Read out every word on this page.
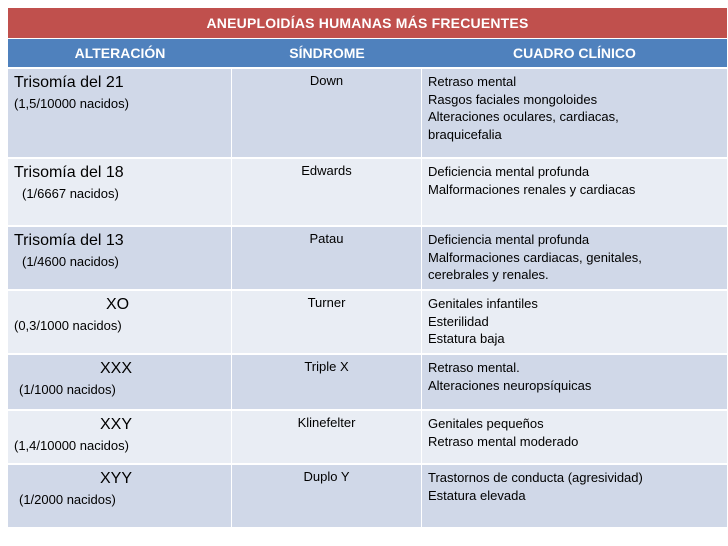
ANEUPLOIDÍAS HUMANAS MÁS FRECUENTES
ALTERACIÓN	SÍNDROME	CUADRO CLÍNICO
Trisomía del 21
(1,5/10000 nacidos)
Down	Retraso mental
Rasgos faciales mongoloides
Alteraciones oculares, cardiacas,
braquicefalia
Trisomía del 18
(1/6667 nacidos)
Edwards	Deficiencia mental profunda
Malformaciones renales y cardiacas
Trisomía del 13
(1/4600 nacidos)
Patau	Deficiencia mental profunda
Malformaciones cardiacas, genitales,
cerebrales y renales.
XO
(0,3/1000 nacidos)
Turner	Genitales infantiles
Esterilidad
Estatura baja
XXX
(1/1000 nacidos)
Triple X	Retraso mental.
Alteraciones neuropsíquicas
XXY
(1,4/10000 nacidos)
Klinefelter	Genitales pequeños
Retraso mental moderado
XYY
(1/2000 nacidos)
Duplo Y	Trastornos de conducta (agresividad)
Estatura elevada
